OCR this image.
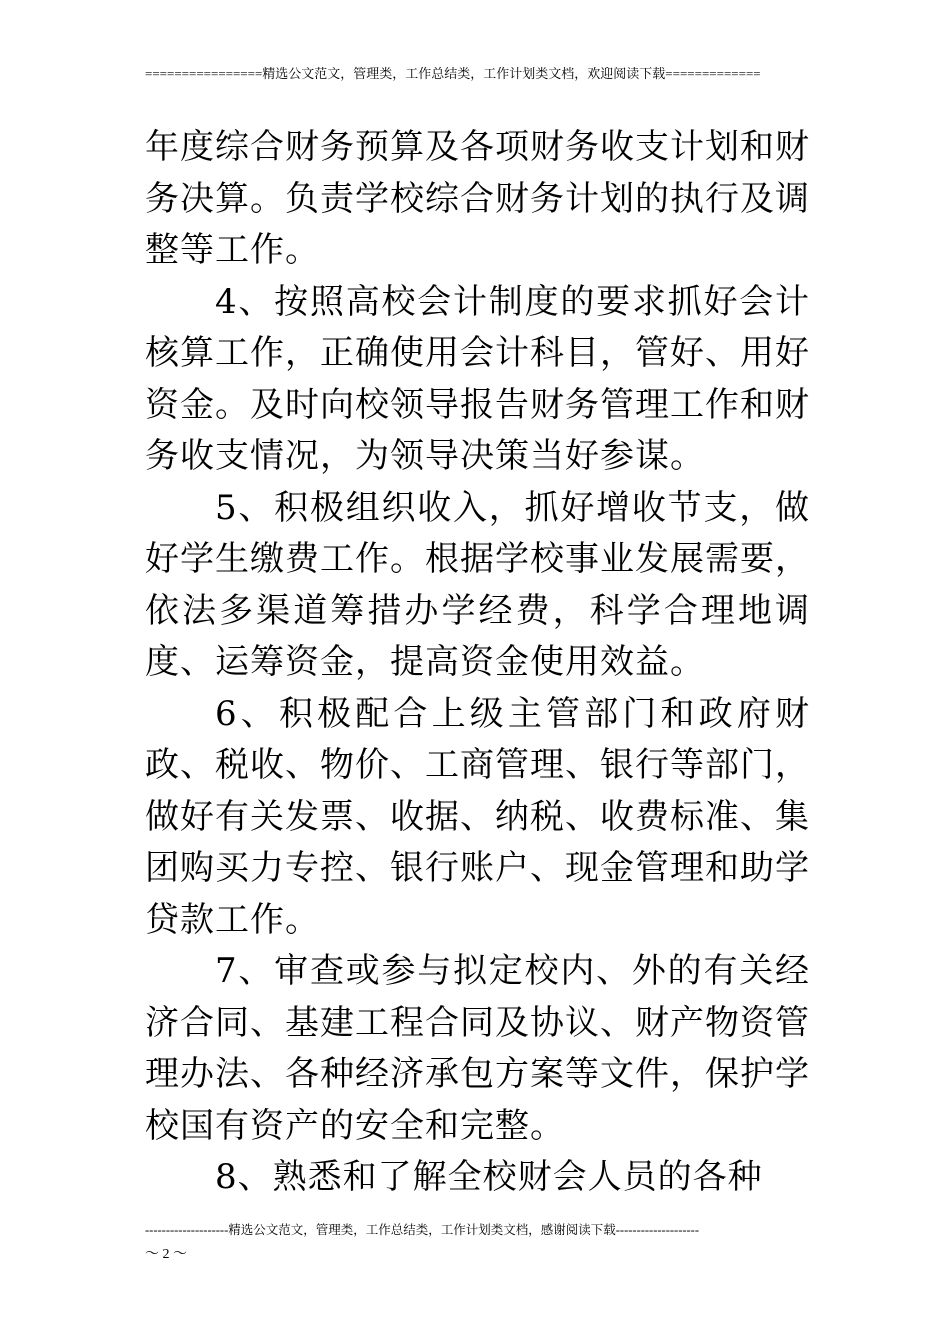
================精选公文范文，管理类，工作总结类，工作计划类文档，欢迎阅读下载=============

年度综合财务预算及各项财务收支计划和财务决算。负责学校综合财务计划的执行及调整等工作。

4、按照高校会计制度的要求抓好会计核算工作，正确使用会计科目，管好、用好资金。及时向校领导报告财务管理工作和财务收支情况，为领导决策当好参谋。

5、积极组织收入，抓好增收节支，做好学生缴费工作。根据学校事业发展需要，依法多渠道筹措办学经费，科学合理地调度、运筹资金，提高资金使用效益。

6、积极配合上级主管部门和政府财政、税收、物价、工商管理、银行等部门，做好有关发票、收据、纳税、收费标准、集团购买力专控、银行账户、现金管理和助学贷款工作。

7、审查或参与拟定校内、外的有关经济合同、基建工程合同及协议、财产物资管理办法、各种经济承包方案等文件，保护学校国有资产的安全和完整。

8、熟悉和了解全校财会人员的各种

--------------------精选公文范文，管理类，工作总结类，工作计划类文档，感谢阅读下载--------------------
～ 2 ～
